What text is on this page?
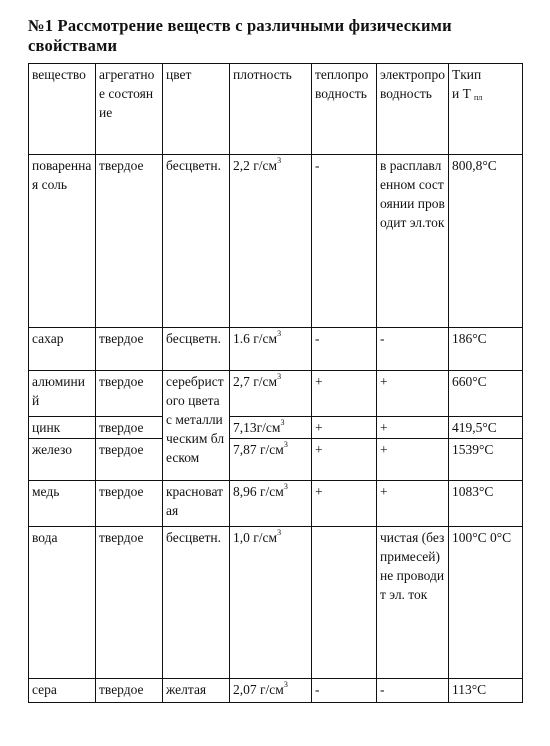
№1 Рассмотрение веществ с различными физическими свойствами
вещество	агрегатное состояние	цвет	плотность	теплопроводность	электропроводность	Tкип
и T $_{пл}$
поваренная соль	твердое	бесцветн.	2,2 $г/см^3$	-	в расплавленном состоянии проводит эл.ток	800,8°C
сахар	твердое	бесцветн.	1.6 $г/см^3$	-	-	186°C
алюминий	твердое	серебристого цвета с металлическим блеском	2,7 $г/см^3$	+	+	660°C
цинк	твердое		$7,13г/см^3$	+	+	419,5°C
железо	твердое		7,87 $г/см^3$	+	+	1539°C
медь	твердое	красноватая	8,96 $г/см^3$	+	+	1083°C
вода	твердое	бесцветн.	1,0 $г/см^3$		чистая (без примесей) не проводит эл. ток	100°C 0°C
сера	твердое	желтая	2,07 $г/см^3$	-	-	113°C
